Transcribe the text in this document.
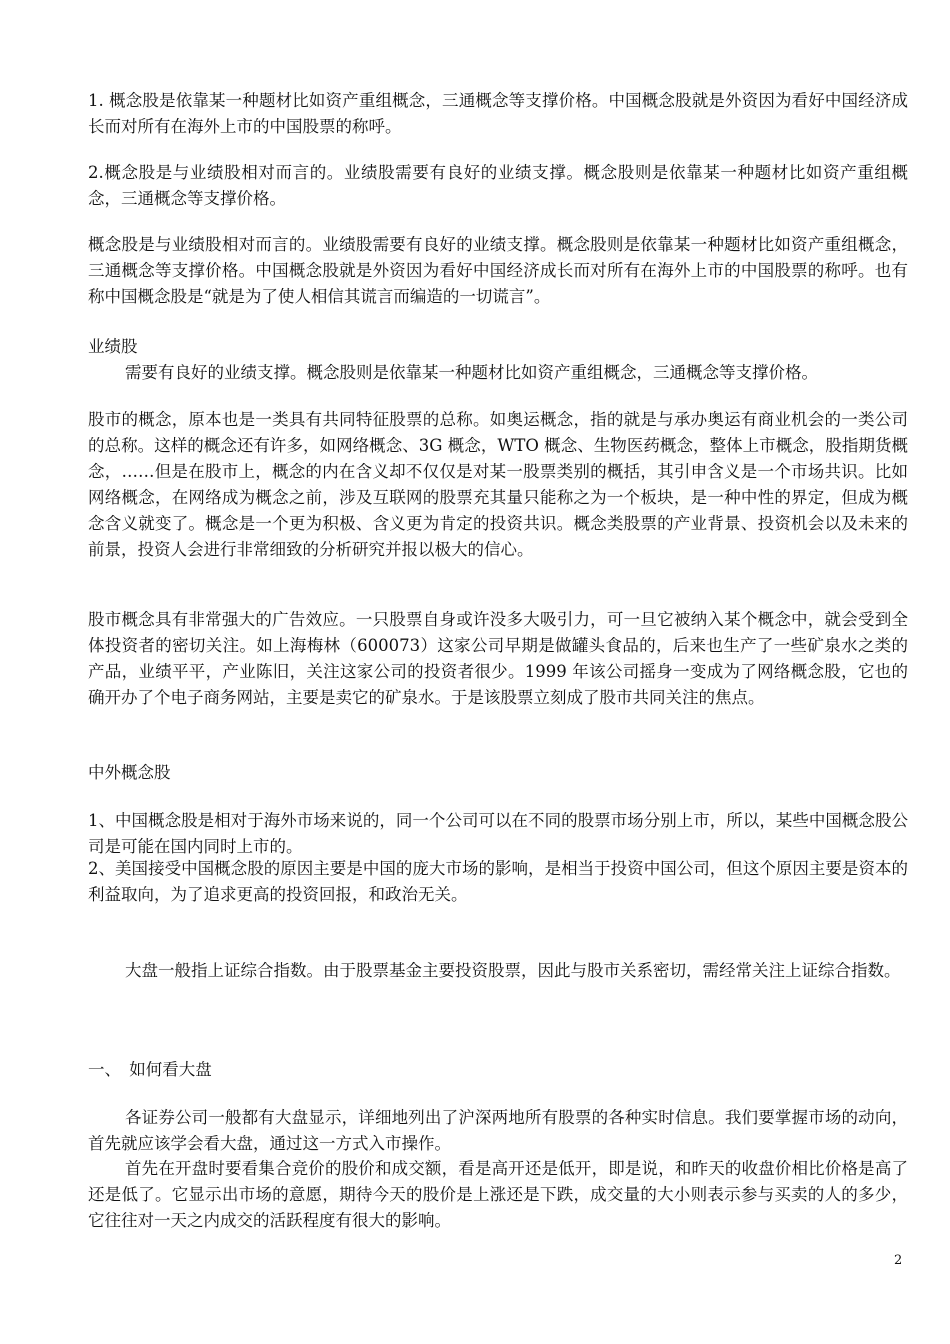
1. 概念股是依靠某一种题材比如资产重组概念，三通概念等支撑价格。中国概念股就是外资因为看好中国经济成长而对所有在海外上市的中国股票的称呼。

2.概念股是与业绩股相对而言的。业绩股需要有良好的业绩支撑。概念股则是依靠某一种题材比如资产重组概念，三通概念等支撑价格。

概念股是与业绩股相对而言的。业绩股需要有良好的业绩支撑。概念股则是依靠某一种题材比如资产重组概念，三通概念等支撑价格。中国概念股就是外资因为看好中国经济成长而对所有在海外上市的中国股票的称呼。也有称中国概念股是“就是为了使人相信其谎言而编造的一切谎言”。

业绩股

需要有良好的业绩支撑。概念股则是依靠某一种题材比如资产重组概念，三通概念等支撑价格。

股市的概念，原本也是一类具有共同特征股票的总称。如奥运概念，指的就是与承办奥运有商业机会的一类公司的总称。这样的概念还有许多，如网络概念、3G 概念，WTO 概念、生物医药概念，整体上市概念，股指期货概念，……但是在股市上，概念的内在含义却不仅仅是对某一股票类别的概括，其引申含义是一个市场共识。比如网络概念，在网络成为概念之前，涉及互联网的股票充其量只能称之为一个板块，是一种中性的界定，但成为概念含义就变了。概念是一个更为积极、含义更为肯定的投资共识。概念类股票的产业背景、投资机会以及未来的前景，投资人会进行非常细致的分析研究并报以极大的信心。

股市概念具有非常强大的广告效应。一只股票自身或许没多大吸引力，可一旦它被纳入某个概念中，就会受到全体投资者的密切关注。如上海梅林（600073）这家公司早期是做罐头食品的，后来也生产了一些矿泉水之类的产品，业绩平平，产业陈旧，关注这家公司的投资者很少。1999 年该公司摇身一变成为了网络概念股，它也的确开办了个电子商务网站，主要是卖它的矿泉水。于是该股票立刻成了股市共同关注的焦点。

中外概念股

1、中国概念股是相对于海外市场来说的，同一个公司可以在不同的股票市场分别上市，所以，某些中国概念股公司是可能在国内同时上市的。

2、美国接受中国概念股的原因主要是中国的庞大市场的影响，是相当于投资中国公司，但这个原因主要是资本的利益取向，为了追求更高的投资回报，和政治无关。

大盘一般指上证综合指数。由于股票基金主要投资股票，因此与股市关系密切，需经常关注上证综合指数。

一、　如何看大盘

各证券公司一般都有大盘显示，详细地列出了沪深两地所有股票的各种实时信息。我们要掌握市场的动向，首先就应该学会看大盘，通过这一方式入市操作。

首先在开盘时要看集合竞价的股价和成交额，看是高开还是低开，即是说，和昨天的收盘价相比价格是高了还是低了。它显示出市场的意愿，期待今天的股价是上涨还是下跌，成交量的大小则表示参与买卖的人的多少，它往往对一天之内成交的活跃程度有很大的影响。

2
